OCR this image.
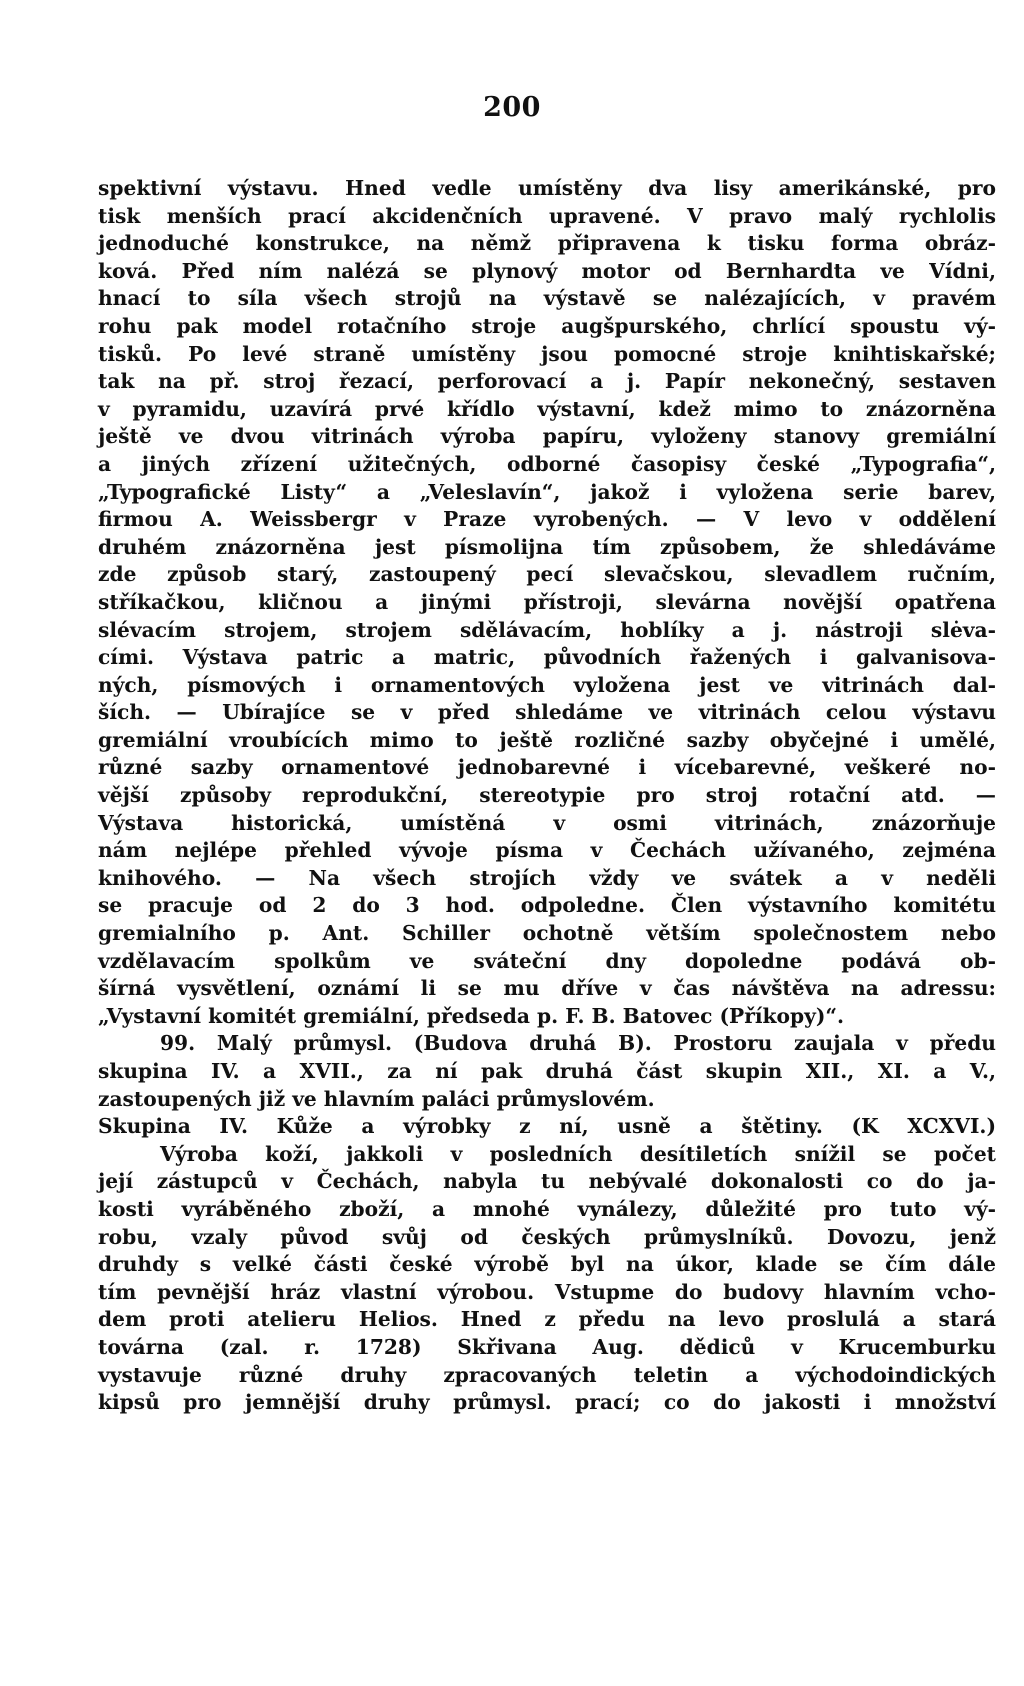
200
spektivní výstavu. Hned vedle umístěny dva lisy amerikánské, pro
tisk menších prací akcidenčních upravené. V pravo malý rychlolis
jednoduché konstrukce, na němž připravena k tisku forma obráz-
ková. Před ním nalézá se plynový motor od Bernhardta ve Vídni,
hnací to síla všech strojů na výstavě se nalézajících, v pravém
rohu pak model rotačního stroje augšpurského, chrlící spoustu vý-
tisků. Po levé straně umístěny jsou pomocné stroje knihtiskařské;
tak na př. stroj řezací, perforovací a j. Papír nekonečný, sestaven
v pyramidu, uzavírá prvé křídlo výstavní, kdež mimo to znázorněna
ještě ve dvou vitrinách výroba papíru, vyloženy stanovy gremiální
a jiných zřízení užitečných, odborné časopisy české „Typografia“,
„Typografické Listy“ a „Veleslavín“, jakož i vyložena serie barev,
firmou A. Weissbergr v Praze vyrobených. — V levo v oddělení
druhém znázorněna jest písmolijna tím způsobem, že shledáváme
zde způsob starý, zastoupený pecí slevačskou, slevadlem ručním,
stříkačkou, kličnou a jinými přístroji, slevárna novější opatřena
slévacím strojem, strojem sdělávacím, hoblíky a j. nástroji slėva-
cími. Výstava patric a matric, původních řažených i galvanisova-
ných, písmových i ornamentových vyložena jest ve vitrinách dal-
ších. — Ubírajíce se v před shledáme ve vitrinách celou výstavu
gremiální vroubících mimo to ještě rozličné sazby obyčejné i umělé,
různé sazby ornamentové jednobarevné i vícebarevné, veškeré no-
vější způsoby reprodukční, stereotypie pro stroj rotační atd. —
Výstava historická, umístěná v osmi vitrinách, znázorňuje
nám nejlépe přehled vývoje písma v Čechách užívaného, zejména
knihového. — Na všech strojích vždy ve svátek a v neděli
se pracuje od 2 do 3 hod. odpoledne. Člen výstavního komitétu
gremialního p. Ant. Schiller ochotně větším společnostem nebo
vzdělavacím spolkům ve sváteční dny dopoledne podává ob-
šírná vysvětlení, oznámí li se mu dříve v čas návštěva na adressu:
„Vystavní komitét gremiální, předseda p. F. B. Batovec (Příkopy)“.
99. Malý průmysl. (Budova druhá B). Prostoru zaujala v předu
skupina IV. a XVII., za ní pak druhá část skupin XII., XI. a V.,
zastoupených již ve hlavním paláci průmyslovém.
Skupina IV. Kůže a výrobky z ní, usně a štětiny. (K XCXVI.)
Výroba koží, jakkoli v posledních desítiletích snížil se počet
její zástupců v Čechách, nabyla tu nebývalé dokonalosti co do ja-
kosti vyráběného zboží, a mnohé vynálezy, důležité pro tuto vý-
robu, vzaly původ svůj od českých průmyslníků. Dovozu, jenž
druhdy s velké části české výrobě byl na úkor, klade se čím dále
tím pevnější hráz vlastní výrobou. Vstupme do budovy hlavním vcho-
dem proti atelieru Helios. Hned z předu na levo proslulá a stará
továrna (zal. r. 1728) Skřivana Aug. dědiců v Krucemburku
vystavuje různé druhy zpracovaných teletin a východoindických
kipsů pro jemnější druhy průmysl. prací; co do jakosti i množství
